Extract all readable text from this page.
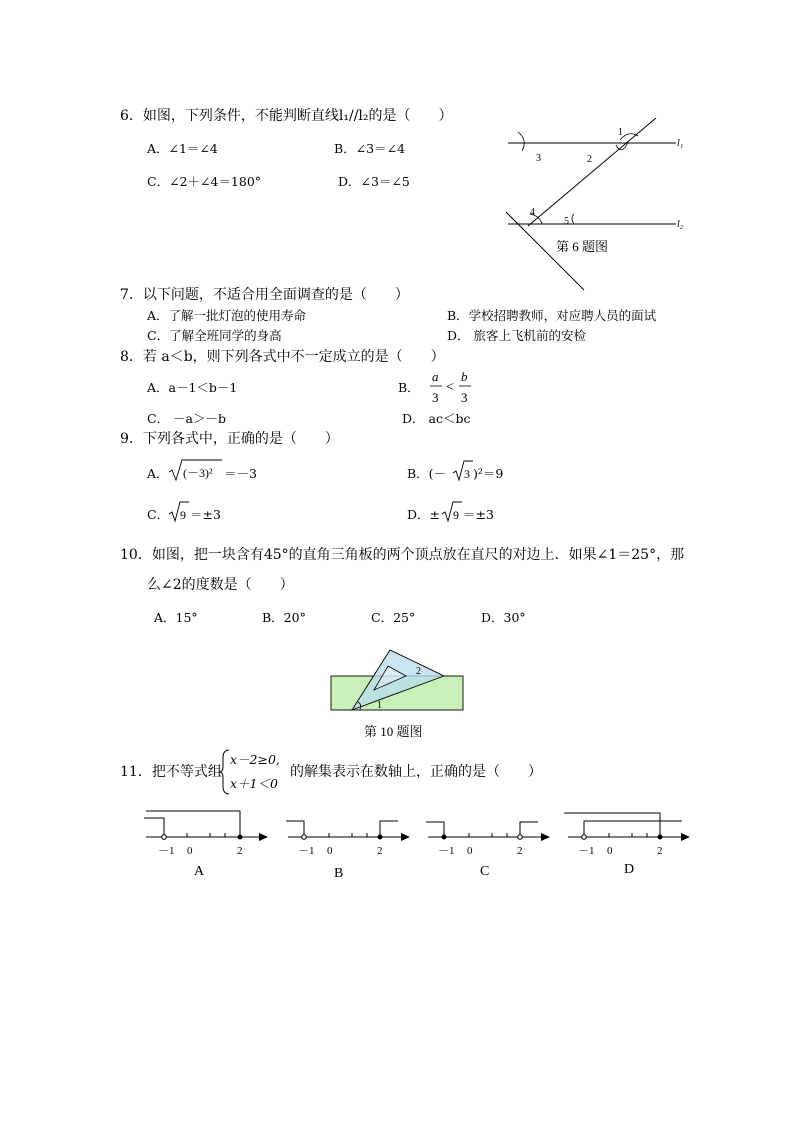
6．如图，下列条件，不能判断直线l₁//l₂的是（　　）
A．∠1＝∠4	B．∠3＝∠4
C．∠2＋∠4＝180°	D．∠3＝∠5
l₁
l₂
1
2
3
4
5
第 6 题图
7．以下问题，不适合用全面调查的是（　　）
A．了解一批灯泡的使用寿命	B．学校招聘教师，对应聘人员的面试
C．了解全班同学的身高	D． 旅客上飞机前的安检
8．若 a＜b，则下列各式中不一定成立的是（　　）
A．a－1＜b－1	B．
a
3
<
b
3
C． －a＞－b	D． ac＜bc
9．下列各式中，正确的是（　　）
A． (－3)² ＝－3	B．(－ 3 )²＝9
C． 9 ＝±3	D．± 9 ＝±3
10．如图，把一块含有45°的直角三角板的两个顶点放在直尺的对边上．如果∠1＝25°，那
么∠2的度数是（　　）
A．15°	B．20°	C．25°	D．30°
1
2
第 10 题图
11．把不等式组
x－2≥0,
x＋1＜0
的解集表示在数轴上，正确的是（　　）
－1 0	2
A
－1 0	2
B
－1 0	2
C
－1 0	2
D
